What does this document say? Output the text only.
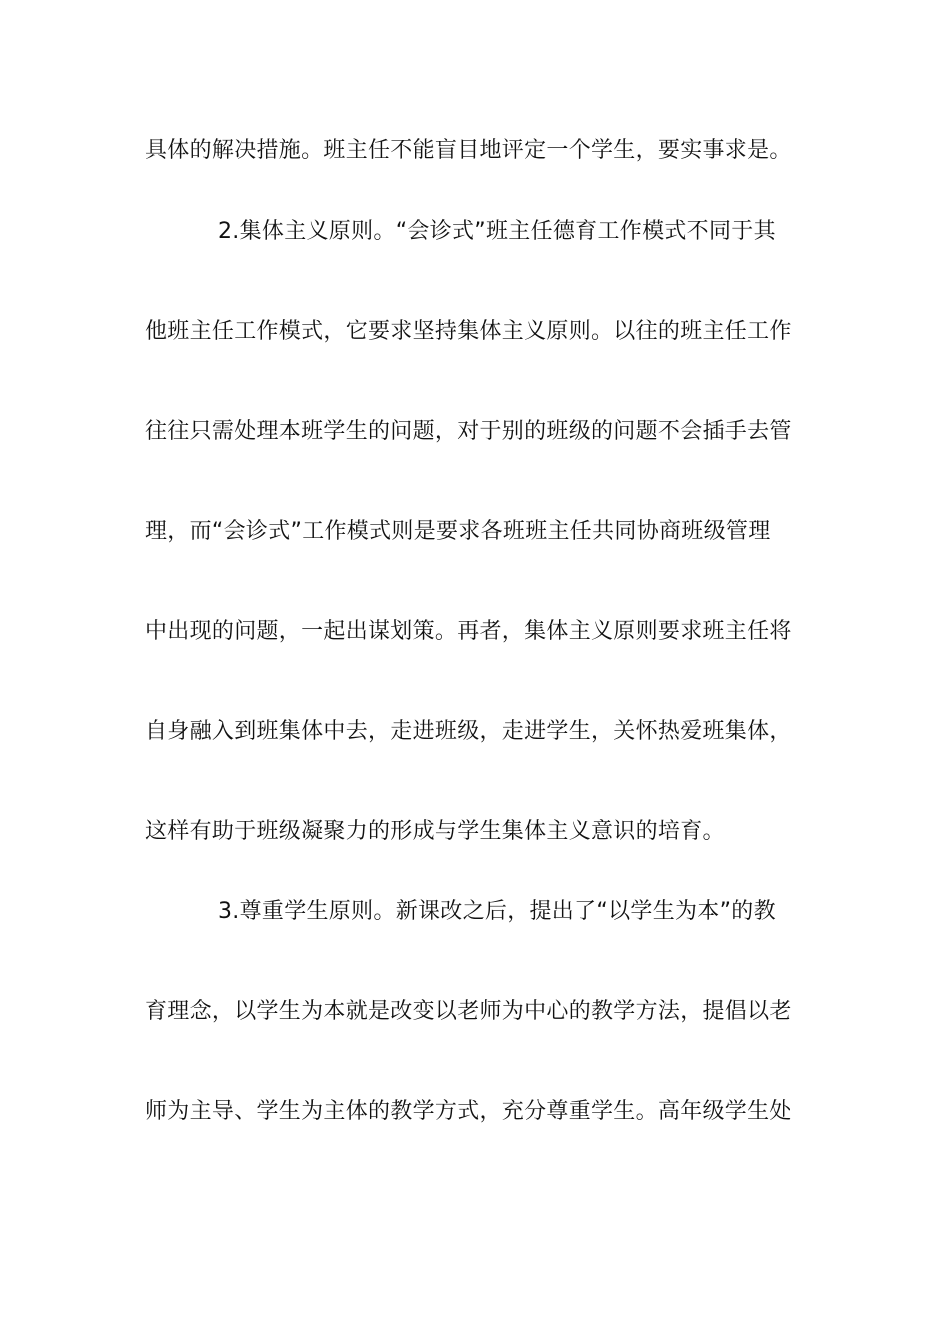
具体的解决措施。班主任不能盲目地评定一个学生，要实事求是。
2.集体主义原则。“会诊式”班主任德育工作模式不同于其
他班主任工作模式，它要求坚持集体主义原则。以往的班主任工作
往往只需处理本班学生的问题，对于别的班级的问题不会插手去管
理，而“会诊式”工作模式则是要求各班班主任共同协商班级管理
中出现的问题，一起出谋划策。再者，集体主义原则要求班主任将
自身融入到班集体中去，走进班级，走进学生，关怀热爱班集体，
这样有助于班级凝聚力的形成与学生集体主义意识的培育。
3.尊重学生原则。新课改之后，提出了“以学生为本”的教
育理念，以学生为本就是改变以老师为中心的教学方法，提倡以老
师为主导、学生为主体的教学方式，充分尊重学生。高年级学生处
